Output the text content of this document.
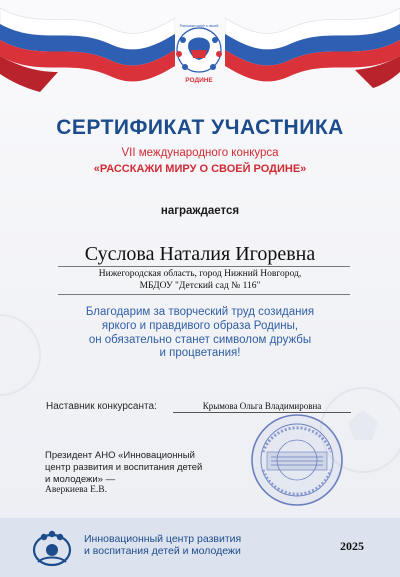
Расскажи миру о своей
РОДИНЕ
СЕРТИФИКАТ УЧАСТНИКА
VII международного конкурса
«РАССКАЖИ МИРУ О СВОЕЙ РОДИНЕ»
награждается
Суслова Наталия Игоревна
Нижегородская область, город Нижний Новгород,
МБДОУ "Детский сад № 116"
Благодарим за творческий труд созидания
яркого и правдивого образа Родины,
он обязательно станет символом дружбы
и процветания!
Наставник конкурсанта:	Крымова Ольга Владимировна
Президент АНО «Инновационный
центр развития и воспитания детей
и молодежи» —
Аверкиева Е.В.
Инновационный центр развития
и воспитания детей и молодежи	2025
